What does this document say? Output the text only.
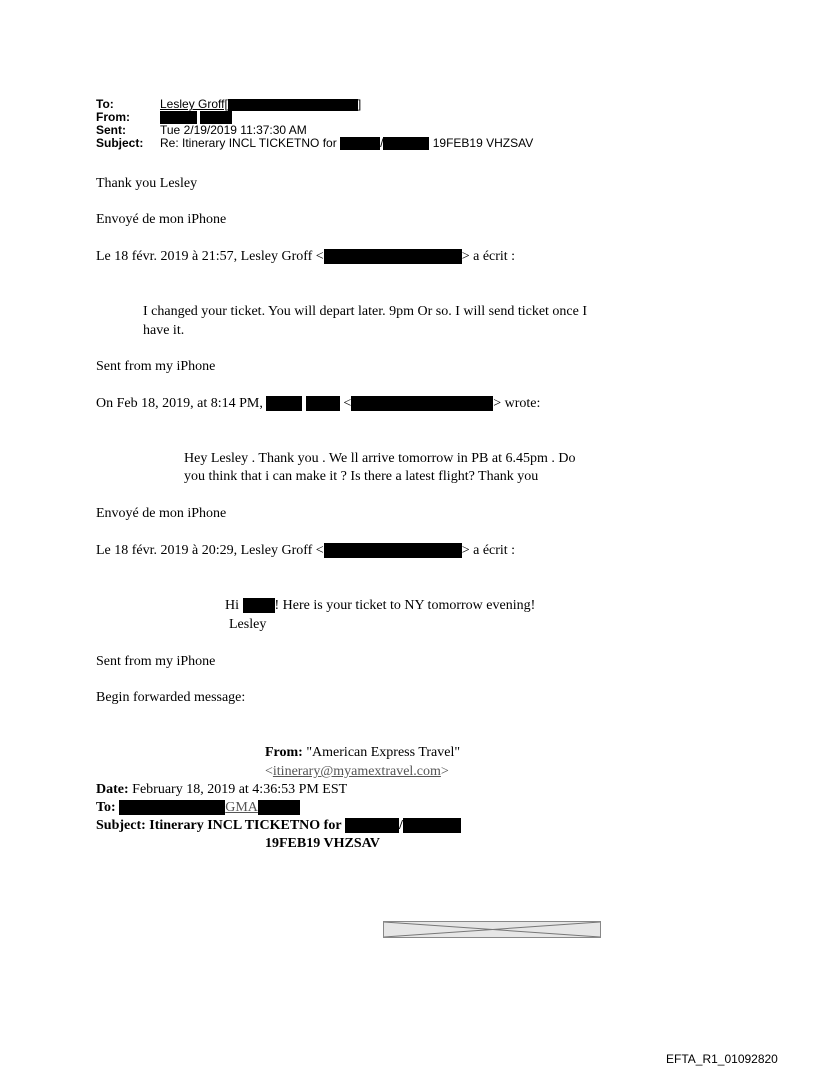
To:	Lesley Groff[	]
From:
Sent:	Tue 2/19/2019 11:37:30 AM
Subject: Re: Itinerary INCL TICKETNO for	/	19FEB19 VHZSAV
Thank you Lesley
Envoyé de mon iPhone
Le 18 févr. 2019 à 21:57, Lesley Groff <	> a écrit :
I changed your ticket. You will depart later. 9pm Or so. I will send ticket once I
have it.
Sent from my iPhone
On Feb 18, 2019, at 8:14 PM,	<	> wrote:
Hey Lesley . Thank you . We ll arrive tomorrow in PB at 6.45pm . Do
you think that i can make it ? Is there a latest flight? Thank you
Envoyé de mon iPhone
Le 18 févr. 2019 à 20:29, Lesley Groff <	> a écrit :
Hi	! Here is your ticket to NY tomorrow evening!
Lesley
Sent from my iPhone
Begin forwarded message:
From: "American Express Travel"
<itinerary@myamextravel.com>
Date: February 18, 2019 at 4:36:53 PM EST
To:	GMA
Subject: Itinerary INCL TICKETNO for	/
19FEB19 VHZSAV
EFTA_R1_01092820
